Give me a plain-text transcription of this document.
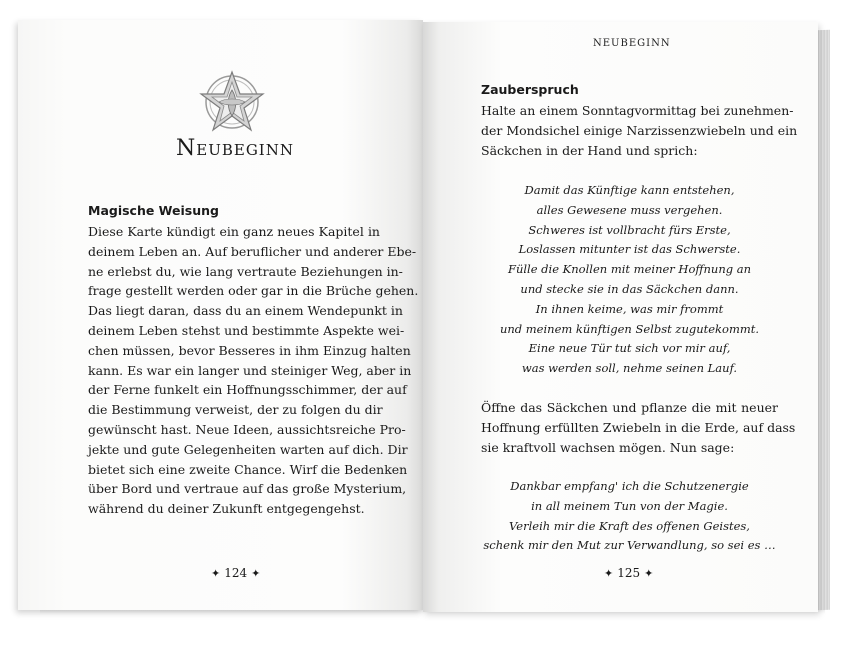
Neubeginn
Magische Weisung
Diese Karte kündigt ein ganz neues Kapitel in
deinem Leben an. Auf beruflicher und anderer Ebe-
ne erlebst du, wie lang vertraute Beziehungen in-
frage gestellt werden oder gar in die Brüche gehen.
Das liegt daran, dass du an einem Wendepunkt in
deinem Leben stehst und bestimmte Aspekte wei-
chen müssen, bevor Besseres in ihm Einzug halten
kann. Es war ein langer und steiniger Weg, aber in
der Ferne funkelt ein Hoffnungsschimmer, der auf
die Bestimmung verweist, der zu folgen du dir
gewünscht hast. Neue Ideen, aussichtsreiche Pro-
jekte und gute Gelegenheiten warten auf dich. Dir
bietet sich eine zweite Chance. Wirf die Bedenken
über Bord und vertraue auf das große Mysterium,
während du deiner Zukunft entgegengehst.
✦ 124 ✦
NEUBEGINN
Zauberspruch
Halte an einem Sonntagvormittag bei zunehmen-
der Mondsichel einige Narzissenzwiebeln und ein
Säckchen in der Hand und sprich:
Damit das Künftige kann entstehen,
alles Gewesene muss vergehen.
Schweres ist vollbracht fürs Erste,
Loslassen mitunter ist das Schwerste.
Fülle die Knollen mit meiner Hoffnung an
und stecke sie in das Säckchen dann.
In ihnen keime, was mir frommt
und meinem künftigen Selbst zugutekommt.
Eine neue Tür tut sich vor mir auf,
was werden soll, nehme seinen Lauf.
Öffne das Säckchen und pflanze die mit neuer
Hoffnung erfüllten Zwiebeln in die Erde, auf dass
sie kraftvoll wachsen mögen. Nun sage:
Dankbar empfang' ich die Schutzenergie
in all meinem Tun von der Magie.
Verleih mir die Kraft des offenen Geistes,
schenk mir den Mut zur Verwandlung, so sei es …
✦ 125 ✦
